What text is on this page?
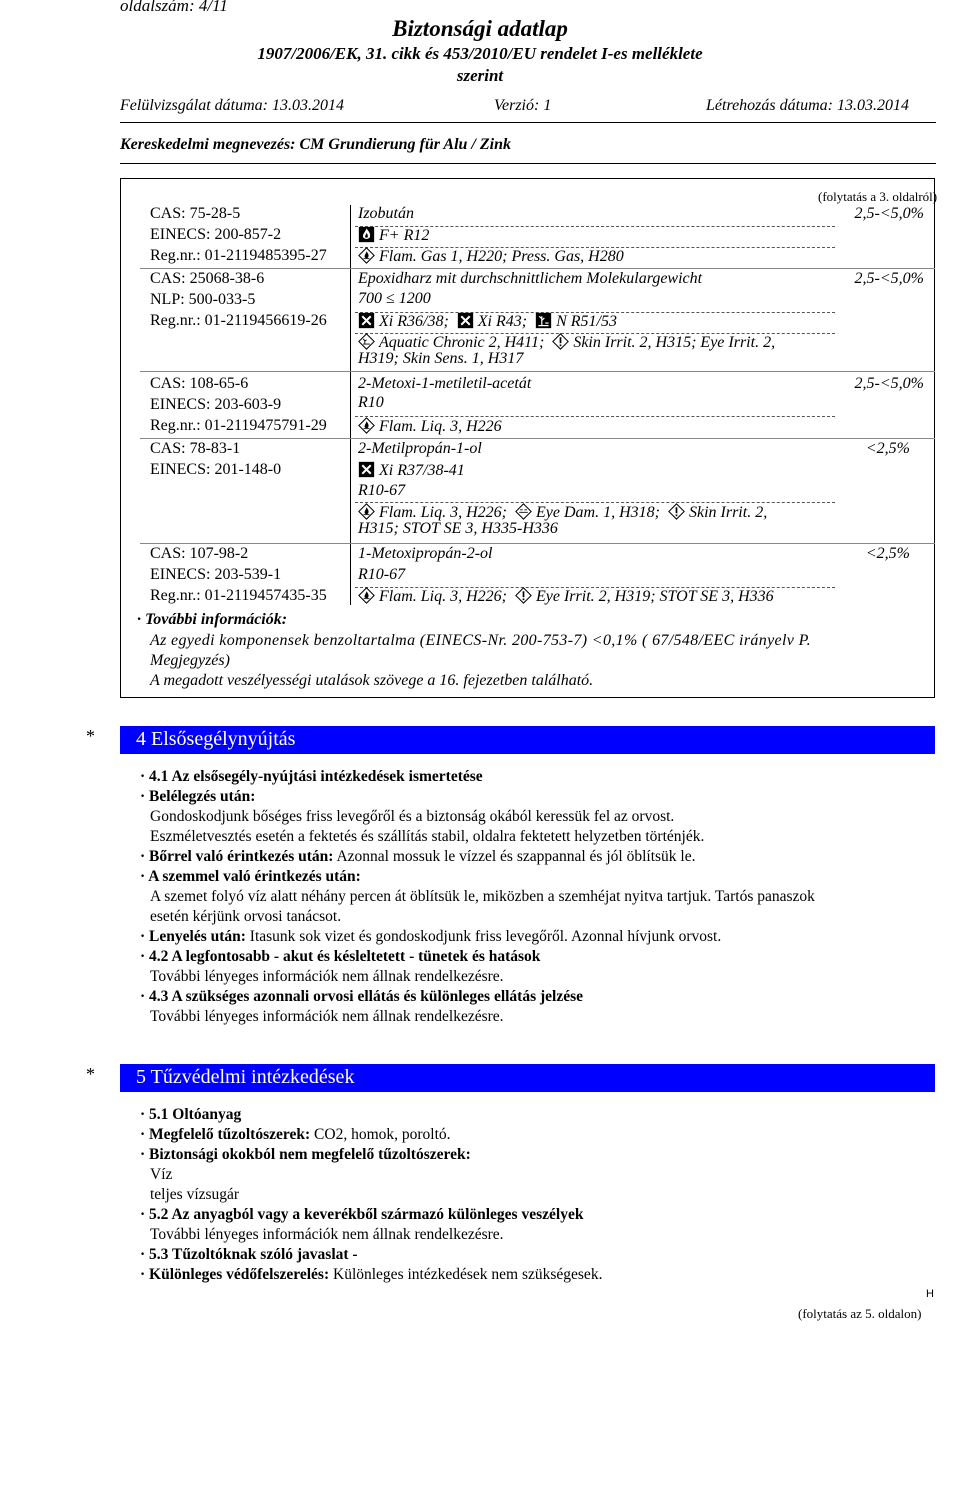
oldalszám: 4/11
Biztonsági adatlap
1907/2006/EK, 31. cikk és 453/2010/EU rendelet I-es melléklete
szerint
Felülvizsgálat dátuma: 13.03.2014	Verzió: 1	Létrehozás dátuma: 13.03.2014
Kereskedelmi megnevezés: CM Grundierung für Alu / Zink
(folytatás a 3. oldalról)
CAS: 75-28-5
EINECS: 200-857-2
Reg.nr.: 01-2119485395-27
Izobután	2,5-<5,0%
F+ R12
Flam. Gas 1, H220; Press. Gas, H280
CAS: 25068-38-6
NLP: 500-033-5
Reg.nr.: 01-2119456619-26
Epoxidharz mit durchschnittlichem Molekulargewicht	2,5-<5,0%
700 ≤ 1200
Xi R36/38; Xi R43; N R51/53
Aquatic Chronic 2, H411; Skin Irrit. 2, H315; Eye Irrit. 2,
H319; Skin Sens. 1, H317
CAS: 108-65-6
EINECS: 203-603-9
Reg.nr.: 01-2119475791-29
2-Metoxi-1-metiletil-acetát	2,5-<5,0%
R10
Flam. Liq. 3, H226
CAS: 78-83-1
EINECS: 201-148-0
2-Metilpropán-1-ol	<2,5%
Xi R37/38-41
R10-67
Flam. Liq. 3, H226; Eye Dam. 1, H318; Skin Irrit. 2,
H315; STOT SE 3, H335-H336
CAS: 107-98-2
EINECS: 203-539-1
Reg.nr.: 01-2119457435-35
1-Metoxipropán-2-ol	<2,5%
R10-67
Flam. Liq. 3, H226; Eye Irrit. 2, H319; STOT SE 3, H336
· További információk:
Az egyedi komponensek benzoltartalma (EINECS-Nr. 200-753-7) <0,1% ( 67/548/EEC irányelv P.
Megjegyzés)
A megadott veszélyességi utalások szövege a 16. fejezetben található.
* 4 Elsősegélynyújtás
· 4.1 Az elsősegély-nyújtási intézkedések ismertetése
· Belélegzés után:
Gondoskodjunk bőséges friss levegőről és a biztonság okából keressük fel az orvost.
Eszméletvesztés esetén a fektetés és szállítás stabil, oldalra fektetett helyzetben történjék.
· Bőrrel való érintkezés után: Azonnal mossuk le vízzel és szappannal és jól öblítsük le.
· A szemmel való érintkezés után:
A szemet folyó víz alatt néhány percen át öblítsük le, miközben a szemhéjat nyitva tartjuk. Tartós panaszok
esetén kérjünk orvosi tanácsot.
· Lenyelés után: Itasunk sok vizet és gondoskodjunk friss levegőről. Azonnal hívjunk orvost.
· 4.2 A legfontosabb - akut és késleltetett - tünetek és hatások
További lényeges információk nem állnak rendelkezésre.
· 4.3 A szükséges azonnali orvosi ellátás és különleges ellátás jelzése
További lényeges információk nem állnak rendelkezésre.
* 5 Tűzvédelmi intézkedések
· 5.1 Oltóanyag
· Megfelelő tűzoltószerek: CO2, homok, poroltó.
· Biztonsági okokból nem megfelelő tűzoltószerek:
Víz
teljes vízsugár
· 5.2 Az anyagból vagy a keverékből származó különleges veszélyek
További lényeges információk nem állnak rendelkezésre.
· 5.3 Tűzoltóknak szóló javaslat -
· Különleges védőfelszerelés: Különleges intézkedések nem szükségesek.
H
(folytatás az 5. oldalon)
